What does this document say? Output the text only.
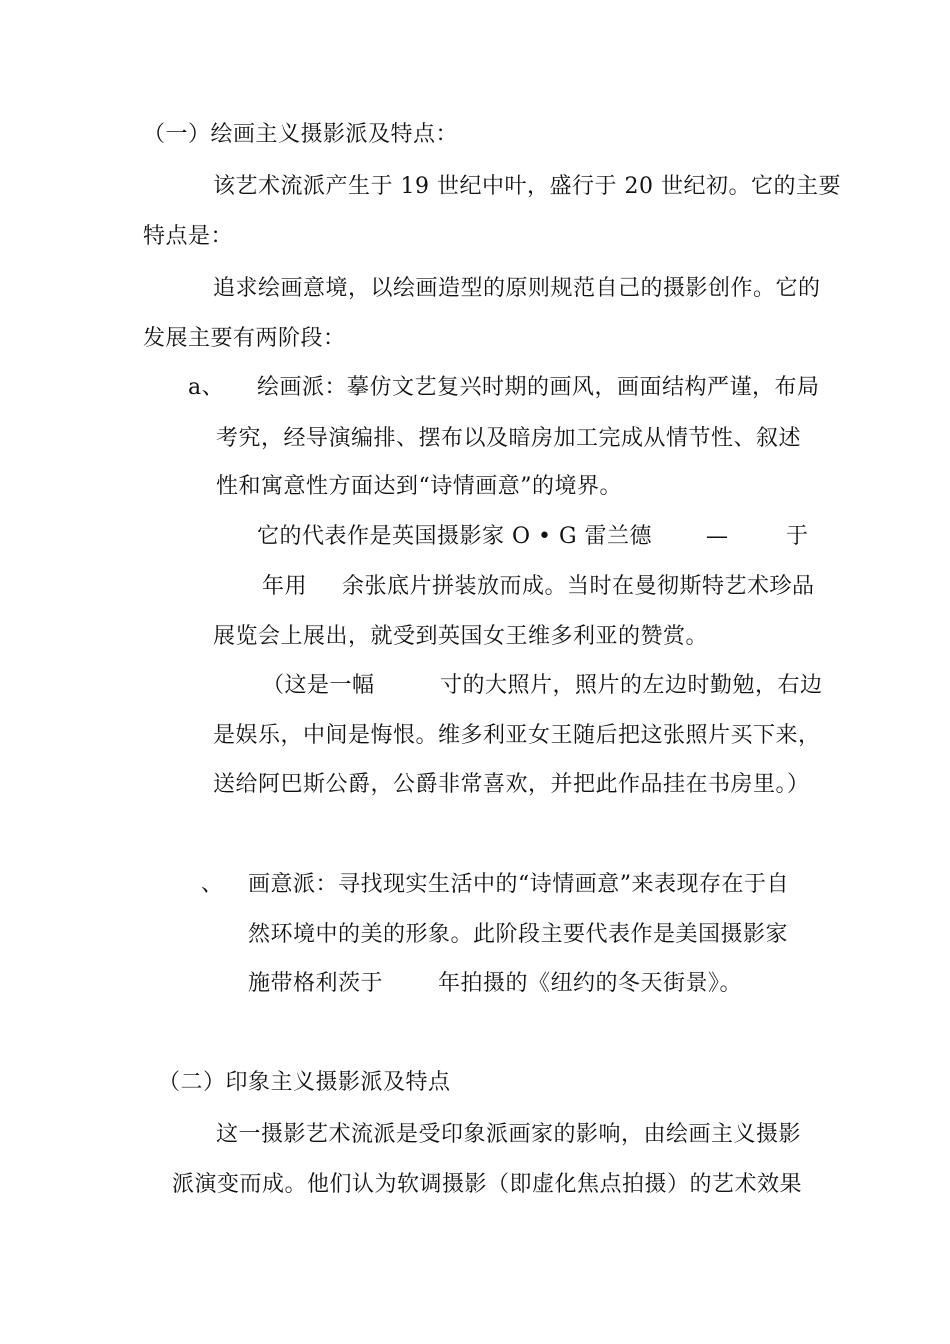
（一）绘画主义摄影派及特点：
该艺术流派产生于 19 世纪中叶，盛行于 20 世纪初。它的主要
特点是：
追求绘画意境，以绘画造型的原则规范自己的摄影创作。它的
发展主要有两阶段：
a、 绘画派：摹仿文艺复兴时期的画风，画面结构严谨，布局
考究，经导演编排、摆布以及暗房加工完成从情节性、叙述
性和寓意性方面达到“诗情画意”的境界。
它的代表作是英国摄影家 O • G 雷兰德 —	于
年用 余张底片拼装放而成。当时在曼彻斯特艺术珍品
展览会上展出，就受到英国女王维多利亚的赞赏。
（这是一幅	寸的大照片，照片的左边时勤勉，右边
是娱乐，中间是悔恨。维多利亚女王随后把这张照片买下来，
送给阿巴斯公爵，公爵非常喜欢，并把此作品挂在书房里。）
、 画意派：寻找现实生活中的“诗情画意”来表现存在于自
然环境中的美的形象。此阶段主要代表作是美国摄影家
施带格利茨于 年拍摄的《纽约的冬天街景》。
（二）印象主义摄影派及特点
这一摄影艺术流派是受印象派画家的影响，由绘画主义摄影
派演变而成。他们认为软调摄影（即虚化焦点拍摄）的艺术效果
